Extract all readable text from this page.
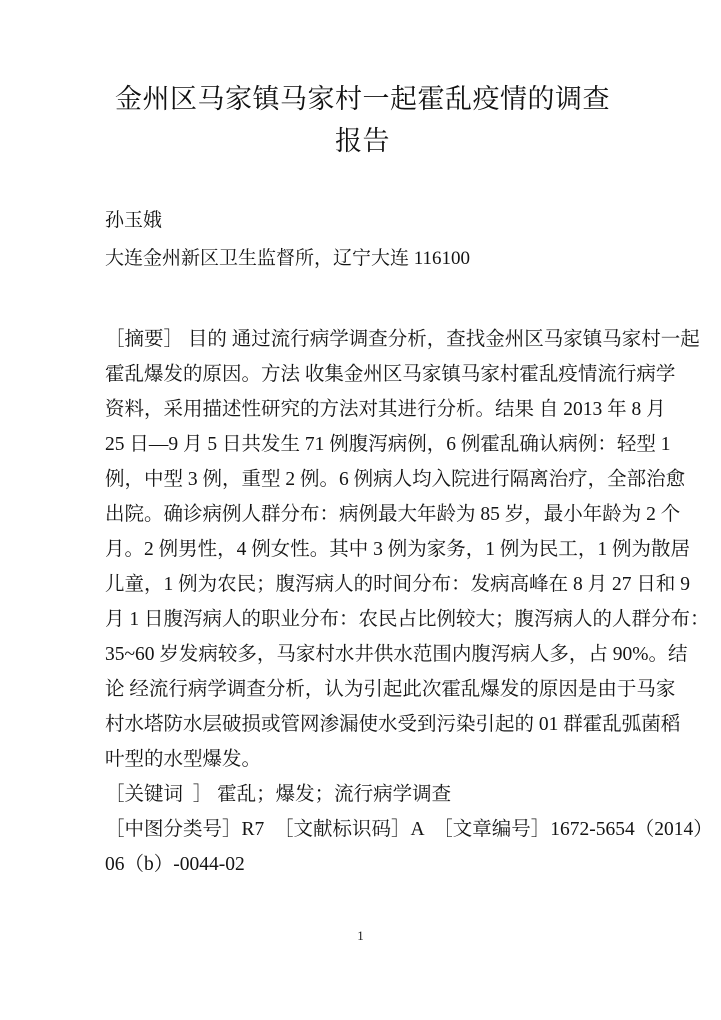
金州区马家镇马家村一起霍乱疫情的调查
报告
孙玉娥
大连金州新区卫生监督所，辽宁大连 116100
［摘要］ 目的 通过流行病学调查分析，查找金州区马家镇马家村一起
霍乱爆发的原因。方法 收集金州区马家镇马家村霍乱疫情流行病学
资料，采用描述性研究的方法对其进行分析。结果 自 2013 年 8 月
25 日—9 月 5 日共发生 71 例腹泻病例，6 例霍乱确认病例：轻型 1
例，中型 3 例，重型 2 例。6 例病人均入院进行隔离治疗，全部治愈
出院。确诊病例人群分布：病例最大年龄为 85 岁，最小年龄为 2 个
月。2 例男性，4 例女性。其中 3 例为家务，1 例为民工，1 例为散居
儿童，1 例为农民；腹泻病人的时间分布：发病高峰在 8 月 27 日和 9
月 1 日腹泻病人的职业分布：农民占比例较大；腹泻病人的人群分布：
35~60 岁发病较多，马家村水井供水范围内腹泻病人多，占 90%。结
论 经流行病学调查分析，认为引起此次霍乱爆发的原因是由于马家
村水塔防水层破损或管网渗漏使水受到污染引起的 01 群霍乱弧菌稻
叶型的水型爆发。
［关键词  ］ 霍乱；爆发；流行病学调查
［中图分类号］R7  ［文献标识码］A  ［文章编号］1672-5654（2014）
06（b）-0044-02
1
